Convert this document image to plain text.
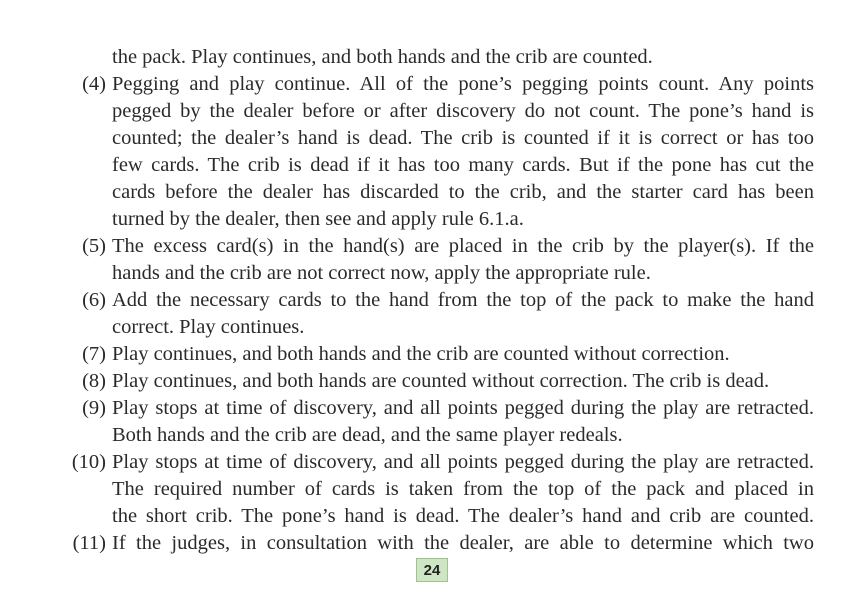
the pack. Play continues, and both hands and the crib are counted.
(4) Pegging and play continue. All of the pone’s pegging points count. Any points
pegged by the dealer before or after discovery do not count. The pone’s hand is
counted; the dealer’s hand is dead. The crib is counted if it is correct or has too
few cards. The crib is dead if it has too many cards. But if the pone has cut the
cards before the dealer has discarded to the crib, and the starter card has been
turned by the dealer, then see and apply rule 6.1.a.
(5) The excess card(s) in the hand(s) are placed in the crib by the player(s). If the
hands and the crib are not correct now, apply the appropriate rule.
(6) Add the necessary cards to the hand from the top of the pack to make the hand
correct. Play continues.
(7) Play continues, and both hands and the crib are counted without correction.
(8) Play continues, and both hands are counted without correction. The crib is dead.
(9) Play stops at time of discovery, and all points pegged during the play are retracted.
Both hands and the crib are dead, and the same player redeals.
(10) Play stops at time of discovery, and all points pegged during the play are retracted.
The required number of cards is taken from the top of the pack and placed in
the short crib. The pone’s hand is dead. The dealer’s hand and crib are counted.
(11) If the judges, in consultation with the dealer, are able to determine which two
24
